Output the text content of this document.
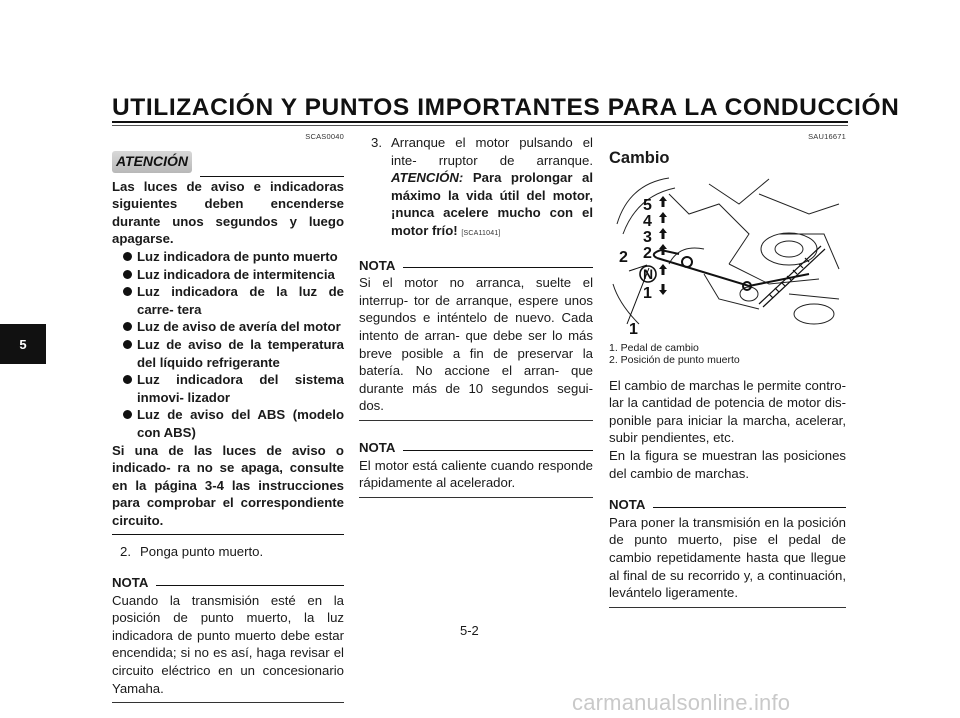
UTILIZACIÓN Y PUNTOS IMPORTANTES PARA LA CONDUCCIÓN
5
SCAS0040
ATENCIÓN
Las luces de aviso e indicadoras siguientes deben encenderse durante unos segundos y luego apagarse.
Luz indicadora de punto muerto
Luz indicadora de intermitencia
Luz indicadora de la luz de carre- tera
Luz de aviso de avería del motor
Luz de aviso de la temperatura del líquido refrigerante
Luz indicadora del sistema inmovi- lizador
Luz de aviso del ABS (modelo con ABS)
Si una de las luces de aviso o indicado- ra no se apaga, consulte en la página 3-4 las instrucciones para comprobar el correspondiente circuito.
2. Ponga punto muerto.
NOTA
Cuando la transmisión esté en la posición de punto muerto, la luz indicadora de punto muerto debe estar encendida; si no es así, haga revisar el circuito eléctrico en un concesionario Yamaha.
3. Arranque el motor pulsando el inte- rruptor de arranque. ATENCIÓN: Para prolongar al máximo la vida útil del motor, ¡nunca acelere mucho con el motor frío! [SCA11041]
NOTA
Si el motor no arranca, suelte el interrup- tor de arranque, espere unos segundos e inténtelo de nuevo. Cada intento de arran- que debe ser lo más breve posible a fin de preservar la batería. No accione el arran- que durante más de 10 segundos segui- dos.
NOTA
El motor está caliente cuando responde rápidamente al acelerador.
SAU16671
Cambio
5
4
3
2
1
2
1
N
1. Pedal de cambio
2. Posición de punto muerto
El cambio de marchas le permite contro- lar la cantidad de potencia de motor dis- ponible para iniciar la marcha, acelerar, subir pendientes, etc.
En la figura se muestran las posiciones del cambio de marchas.
NOTA
Para poner la transmisión en la posición de punto muerto, pise el pedal de cambio repetidamente hasta que llegue al final de su recorrido y, a continuación, levántelo ligeramente.
5-2
carmanualsonline.info
